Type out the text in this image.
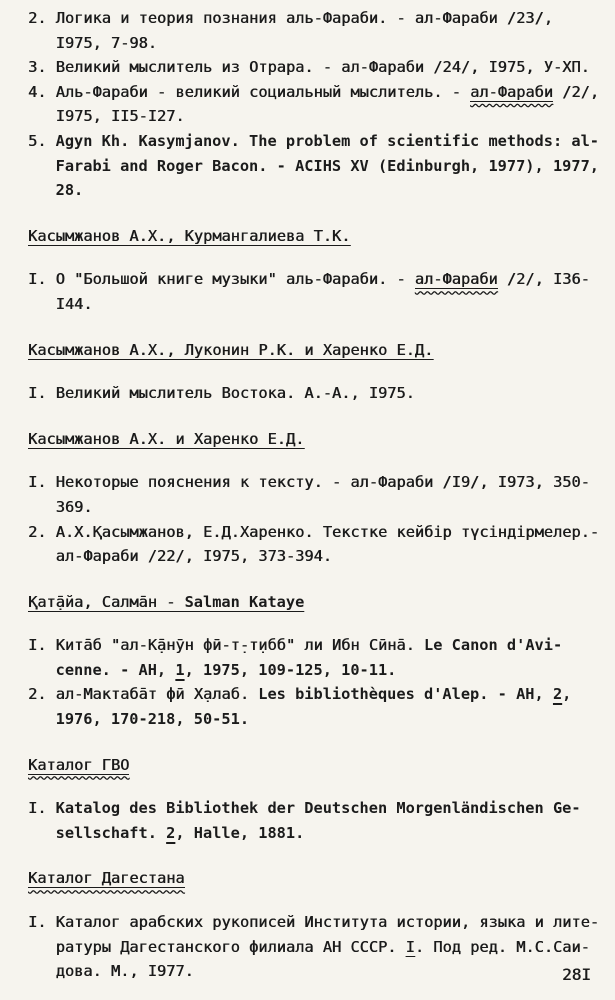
2. Логика и теория познания аль-Фараби. - ал-Фараби /23/, I975, 7-98.

3. Великий мыслитель из Отрара. - ал-Фараби /24/, I975, У-ХП.

4. Аль-Фараби - великий социальный мыслитель. - ал-Фараби /2/, I975, II5-I27.

5. Agyn Kh. Kasymjanov. The problem of scientific methods: al-Farabi and Roger Bacon. - ACIHS XV (Edinburgh, 1977), 1977, 28.

Касымжанов А.Х., Курмангалиева Т.К.

I. О "Большой книге музыки" аль-Фараби. - ал-Фараби /2/, I36-I44.

Касымжанов А.Х., Луконин Р.К. и Харенко Е.Д.

I. Великий мыслитель Востока. А.-А., I975.

Касымжанов А.Х. и Харенко Е.Д.

I. Некоторые пояснения к тексту. - ал-Фараби /I9/, I973, 350-369.

2. А.Х.Қасымжанов, Е.Д.Харенко. Текстке кейбір түсіндірмелер.- ал-Фараби /22/, I975, 373-394.

Қат̣а̄йа, Салма̄н - Salman Kataye

I. Кита̄б "ал-К̣а̄нӯн фӣ-т̣-т̣ибб" ли Ибн Сӣна̄. Le Canon d'Avi-cenne. - АН, 1, 1975, 109-125, 10-11.

2. ал-Мактаба̄т фӣ Х̣алаб. Les bibliothèques d'Alep. - АН, 2, 1976, 170-218, 50-51.

Каталог ГВО

I. Katalog des Bibliothek der Deutschen Morgenländischen Ge-sellschaft. 2, Halle, 1881.

Каталог Дагестана

I. Каталог арабских рукописей Института истории, языка и лите-ратуры Дагестанского филиала АН СССР. I. Под ред. М.С.Саи-дова. М., I977.	28I
